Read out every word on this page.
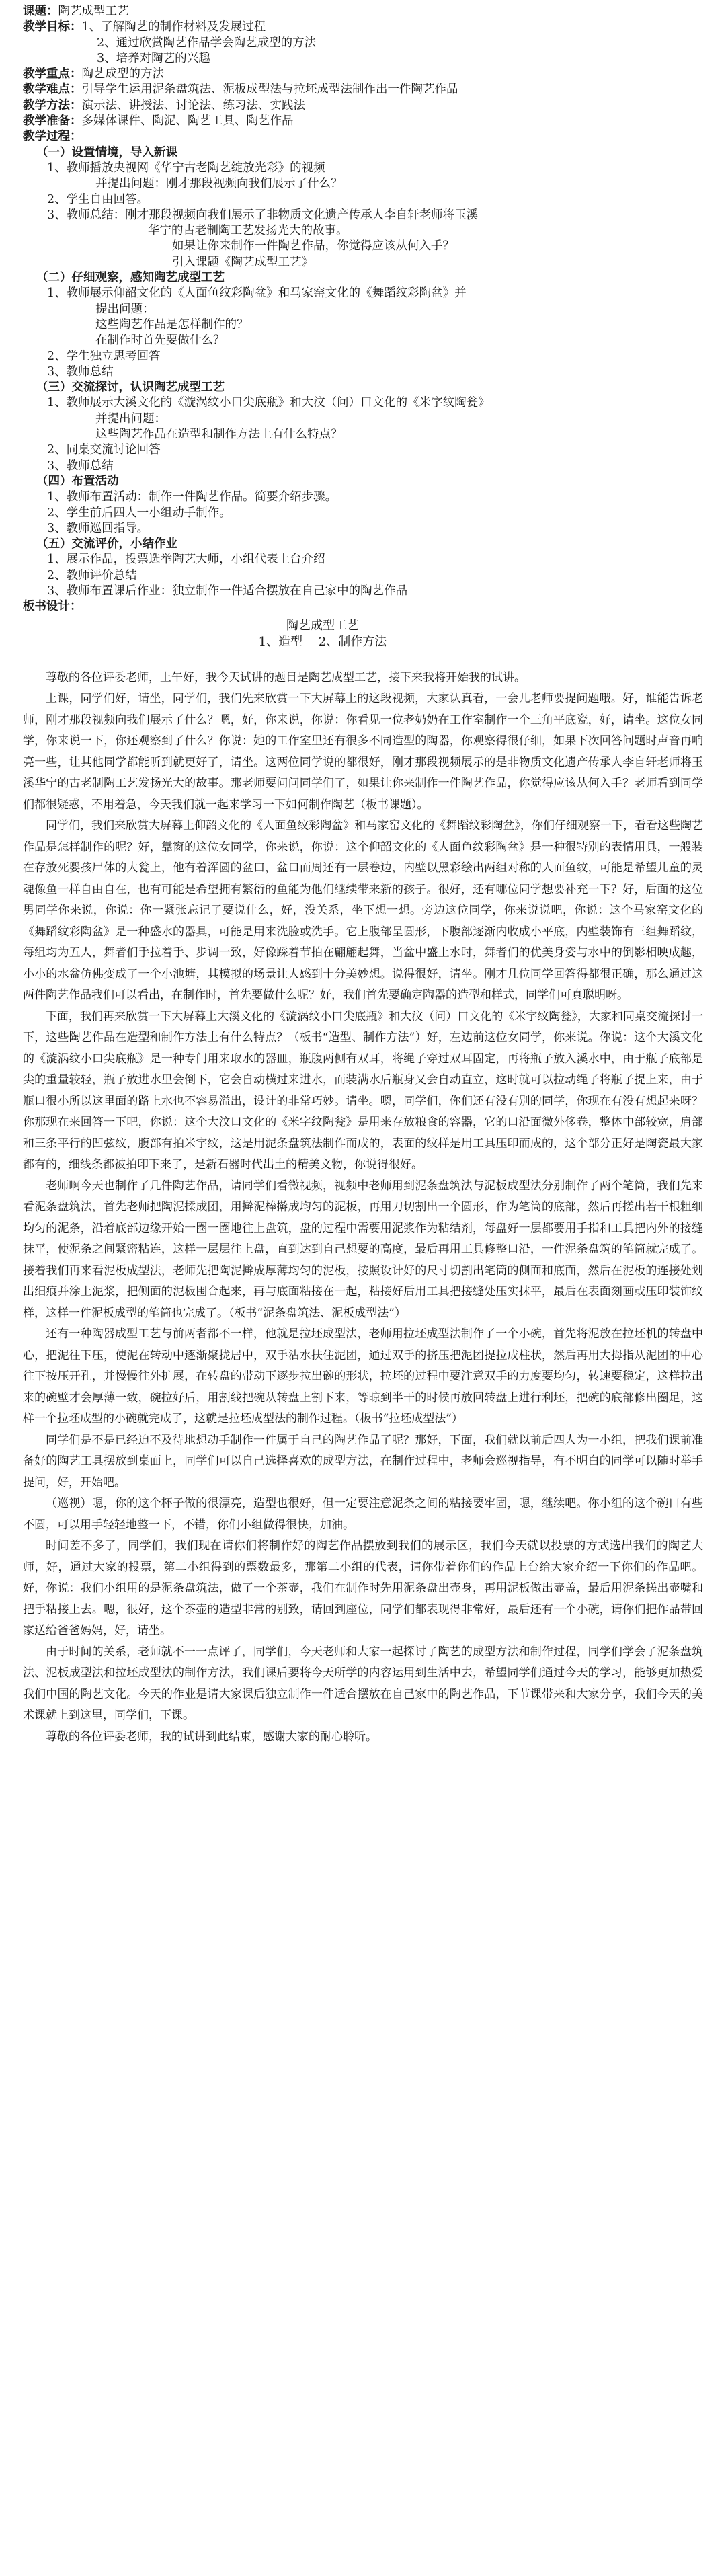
课题：陶艺成型工艺
教学目标：1、了解陶艺的制作材料及发展过程
2、通过欣赏陶艺作品学会陶艺成型的方法
3、培养对陶艺的兴趣
教学重点：陶艺成型的方法
教学难点：引导学生运用泥条盘筑法、泥板成型法与拉坯成型法制作出一件陶艺作品
教学方法：演示法、讲授法、讨论法、练习法、实践法
教学准备：多媒体课件、陶泥、陶艺工具、陶艺作品
教学过程：
（一）设置情境，导入新课
1、教师播放央视网《华宁古老陶艺绽放光彩》的视频
并提出问题：刚才那段视频向我们展示了什么？
2、学生自由回答。
3、教师总结：刚才那段视频向我们展示了非物质文化遗产传承人李自轩老师将玉溪
华宁的古老制陶工艺发扬光大的故事。
如果让你来制作一件陶艺作品，你觉得应该从何入手？
引入课题《陶艺成型工艺》
（二）仔细观察，感知陶艺成型工艺
1、教师展示仰韶文化的《人面鱼纹彩陶盆》和马家窑文化的《舞蹈纹彩陶盆》并
提出问题：
这些陶艺作品是怎样制作的？
在制作时首先要做什么？
2、学生独立思考回答
3、教师总结
（三）交流探讨，认识陶艺成型工艺
1、教师展示大溪文化的《漩涡纹小口尖底瓶》和大汶（问）口文化的《米字纹陶瓮》
并提出问题：
这些陶艺作品在造型和制作方法上有什么特点？
2、同桌交流讨论回答
3、教师总结
（四）布置活动
1、教师布置活动：制作一件陶艺作品。简要介绍步骤。
2、学生前后四人一小组动手制作。
3、教师巡回指导。
（五）交流评价，小结作业
1、展示作品，投票选举陶艺大师，小组代表上台介绍
2、教师评价总结
3、教师布置课后作业：独立制作一件适合摆放在自己家中的陶艺作品
板书设计：
陶艺成型工艺
1、造型 2、制作方法

尊敬的各位评委老师，上午好，我今天试讲的题目是陶艺成型工艺，接下来我将开始我的试讲。

上课，同学们好，请坐，同学们，我们先来欣赏一下大屏幕上的这段视频，大家认真看，一会儿老师要提问题哦。好，谁能告诉老师，刚才那段视频向我们展示了什么？嗯，好，你来说，你说：你看见一位老奶奶在工作室制作一个三角平底瓷，好，请坐。这位女同学，你来说一下，你还观察到了什么？你说：她的工作室里还有很多不同造型的陶器，你观察得很仔细，如果下次回答问题时声音再响亮一些，让其他同学都能听到就更好了，请坐。这两位同学说的都很好，刚才那段视频展示的是非物质文化遗产传承人李自轩老师将玉溪华宁的古老制陶工艺发扬光大的故事。那老师要问问同学们了，如果让你来制作一件陶艺作品，你觉得应该从何入手？老师看到同学们都很疑惑，不用着急，今天我们就一起来学习一下如何制作陶艺（板书课题）。

同学们，我们来欣赏大屏幕上仰韶文化的《人面鱼纹彩陶盆》和马家窑文化的《舞蹈纹彩陶盆》，你们仔细观察一下，看看这些陶艺作品是怎样制作的呢？好，靠窗的这位女同学，你来说，你说：这个仰韶文化的《人面鱼纹彩陶盆》是一种很特别的表情用具，一般装在存放死婴孩尸体的大瓮上，他有着浑圆的盆口，盆口而周还有一层卷边，内壁以黑彩绘出两组对称的人面鱼纹，可能是希望儿童的灵魂像鱼一样自由自在，也有可能是希望拥有繁衍的鱼能为他们继续带来新的孩子。很好，还有哪位同学想要补充一下？好，后面的这位男同学你来说，你说：你一紧张忘记了要说什么，好，没关系，坐下想一想。旁边这位同学，你来说说吧，你说：这个马家窑文化的《舞蹈纹彩陶盆》是一种盛水的器具，可能是用来洗脸或洗手。它上腹部呈圆形，下腹部逐渐内收成小平底，内壁装饰有三组舞蹈纹，每组均为五人，舞者们手拉着手、步调一致，好像踩着节拍在翩翩起舞，当盆中盛上水时，舞者们的优美身姿与水中的倒影相映成趣，小小的水盆仿佛变成了一个小池塘，其模拟的场景让人感到十分美妙想。说得很好，请坐。刚才几位同学回答得都很正确，那么通过这两件陶艺作品我们可以看出，在制作时，首先要做什么呢？好，我们首先要确定陶器的造型和样式，同学们可真聪明呀。

下面，我们再来欣赏一下大屏幕上大溪文化的《漩涡纹小口尖底瓶》和大汶（问）口文化的《米字纹陶瓮》，大家和同桌交流探讨一下，这些陶艺作品在造型和制作方法上有什么特点？（板书“造型、制作方法”）好，左边前这位女同学，你来说。你说：这个大溪文化的《漩涡纹小口尖底瓶》是一种专门用来取水的器皿，瓶腹两侧有双耳，将绳子穿过双耳固定，再将瓶子放入溪水中，由于瓶子底部是尖的重量较轻，瓶子放进水里会倒下，它会自动横过来进水，而装满水后瓶身又会自动直立，这时就可以拉动绳子将瓶子提上来，由于瓶口很小所以这里面的路上水也不容易溢出，设计的非常巧妙。请坐。嗯，同学们，你们还有没有别的同学，你现在有没有想起来呀？你那现在来回答一下吧，你说：这个大汶口文化的《米字纹陶瓮》是用来存放粮食的容器，它的口沿面微外侈卷，整体中部较宽，肩部和三条平行的凹弦纹，腹部有拍米字纹，这是用泥条盘筑法制作而成的，表面的纹样是用工具压印而成的，这个部分正好是陶瓷最大家都有的，细线条都被拍印下来了，是新石器时代出土的精美文物，你说得很好。

老师啊今天也制作了几件陶艺作品，请同学们看微视频，视频中老师用到泥条盘筑法与泥板成型法分别制作了两个笔筒，我们先来看泥条盘筑法，首先老师把陶泥揉成团，用擀泥棒擀成均匀的泥板，再用刀切割出一个圆形，作为笔筒的底部，然后再搓出若干根粗细均匀的泥条，沿着底部边缘开始一圈一圈地往上盘筑，盘的过程中需要用泥浆作为粘结剂，每盘好一层都要用手指和工具把内外的接缝抹平，使泥条之间紧密粘连，这样一层层往上盘，直到达到自己想要的高度，最后再用工具修整口沿，一件泥条盘筑的笔筒就完成了。接着我们再来看泥板成型法，老师先把陶泥擀成厚薄均匀的泥板，按照设计好的尺寸切割出笔筒的侧面和底面，然后在泥板的连接处划出细痕并涂上泥浆，把侧面的泥板围合起来，再与底面粘接在一起，粘接好后用工具把接缝处压实抹平，最后在表面刻画或压印装饰纹样，这样一件泥板成型的笔筒也完成了。（板书“泥条盘筑法、泥板成型法”）

还有一种陶器成型工艺与前两者都不一样，他就是拉坯成型法，老师用拉坯成型法制作了一个小碗，首先将泥放在拉坯机的转盘中心，把泥往下压，使泥在转动中逐渐聚拢居中，双手沾水扶住泥团，通过双手的挤压把泥团提拉成柱状，然后再用大拇指从泥团的中心往下按压开孔，并慢慢往外扩展，在转盘的带动下逐步拉出碗的形状，拉坯的过程中要注意双手的力度要均匀，转速要稳定，这样拉出来的碗壁才会厚薄一致，碗拉好后，用割线把碗从转盘上割下来，等晾到半干的时候再放回转盘上进行利坯，把碗的底部修出圈足，这样一个拉坯成型的小碗就完成了，这就是拉坯成型法的制作过程。（板书“拉坯成型法”）

同学们是不是已经迫不及待地想动手制作一件属于自己的陶艺作品了呢？那好，下面，我们就以前后四人为一小组，把我们课前准备好的陶艺工具摆放到桌面上，同学们可以自己选择喜欢的成型方法，在制作过程中，老师会巡视指导，有不明白的同学可以随时举手提问，好，开始吧。

（巡视）嗯，你的这个杯子做的很漂亮，造型也很好，但一定要注意泥条之间的粘接要牢固，嗯，继续吧。你小组的这个碗口有些不圆，可以用手轻轻地整一下，不错，你们小组做得很快，加油。

时间差不多了，同学们，我们现在请你们将制作好的陶艺作品摆放到我们的展示区，我们今天就以投票的方式选出我们的陶艺大师，好，通过大家的投票，第二小组得到的票数最多，那第二小组的代表，请你带着你们的作品上台给大家介绍一下你们的作品吧。好，你说：我们小组用的是泥条盘筑法，做了一个茶壶，我们在制作时先用泥条盘出壶身，再用泥板做出壶盖，最后用泥条搓出壶嘴和把手粘接上去。嗯，很好，这个茶壶的造型非常的别致，请回到座位，同学们都表现得非常好，最后还有一个小碗，请你们把作品带回家送给爸爸妈妈，好，请坐。

由于时间的关系，老师就不一一点评了，同学们，今天老师和大家一起探讨了陶艺的成型方法和制作过程，同学们学会了泥条盘筑法、泥板成型法和拉坯成型法的制作方法，我们课后要将今天所学的内容运用到生活中去，希望同学们通过今天的学习，能够更加热爱我们中国的陶艺文化。今天的作业是请大家课后独立制作一件适合摆放在自己家中的陶艺作品，下节课带来和大家分享，我们今天的美术课就上到这里，同学们，下课。

尊敬的各位评委老师，我的试讲到此结束，感谢大家的耐心聆听。
